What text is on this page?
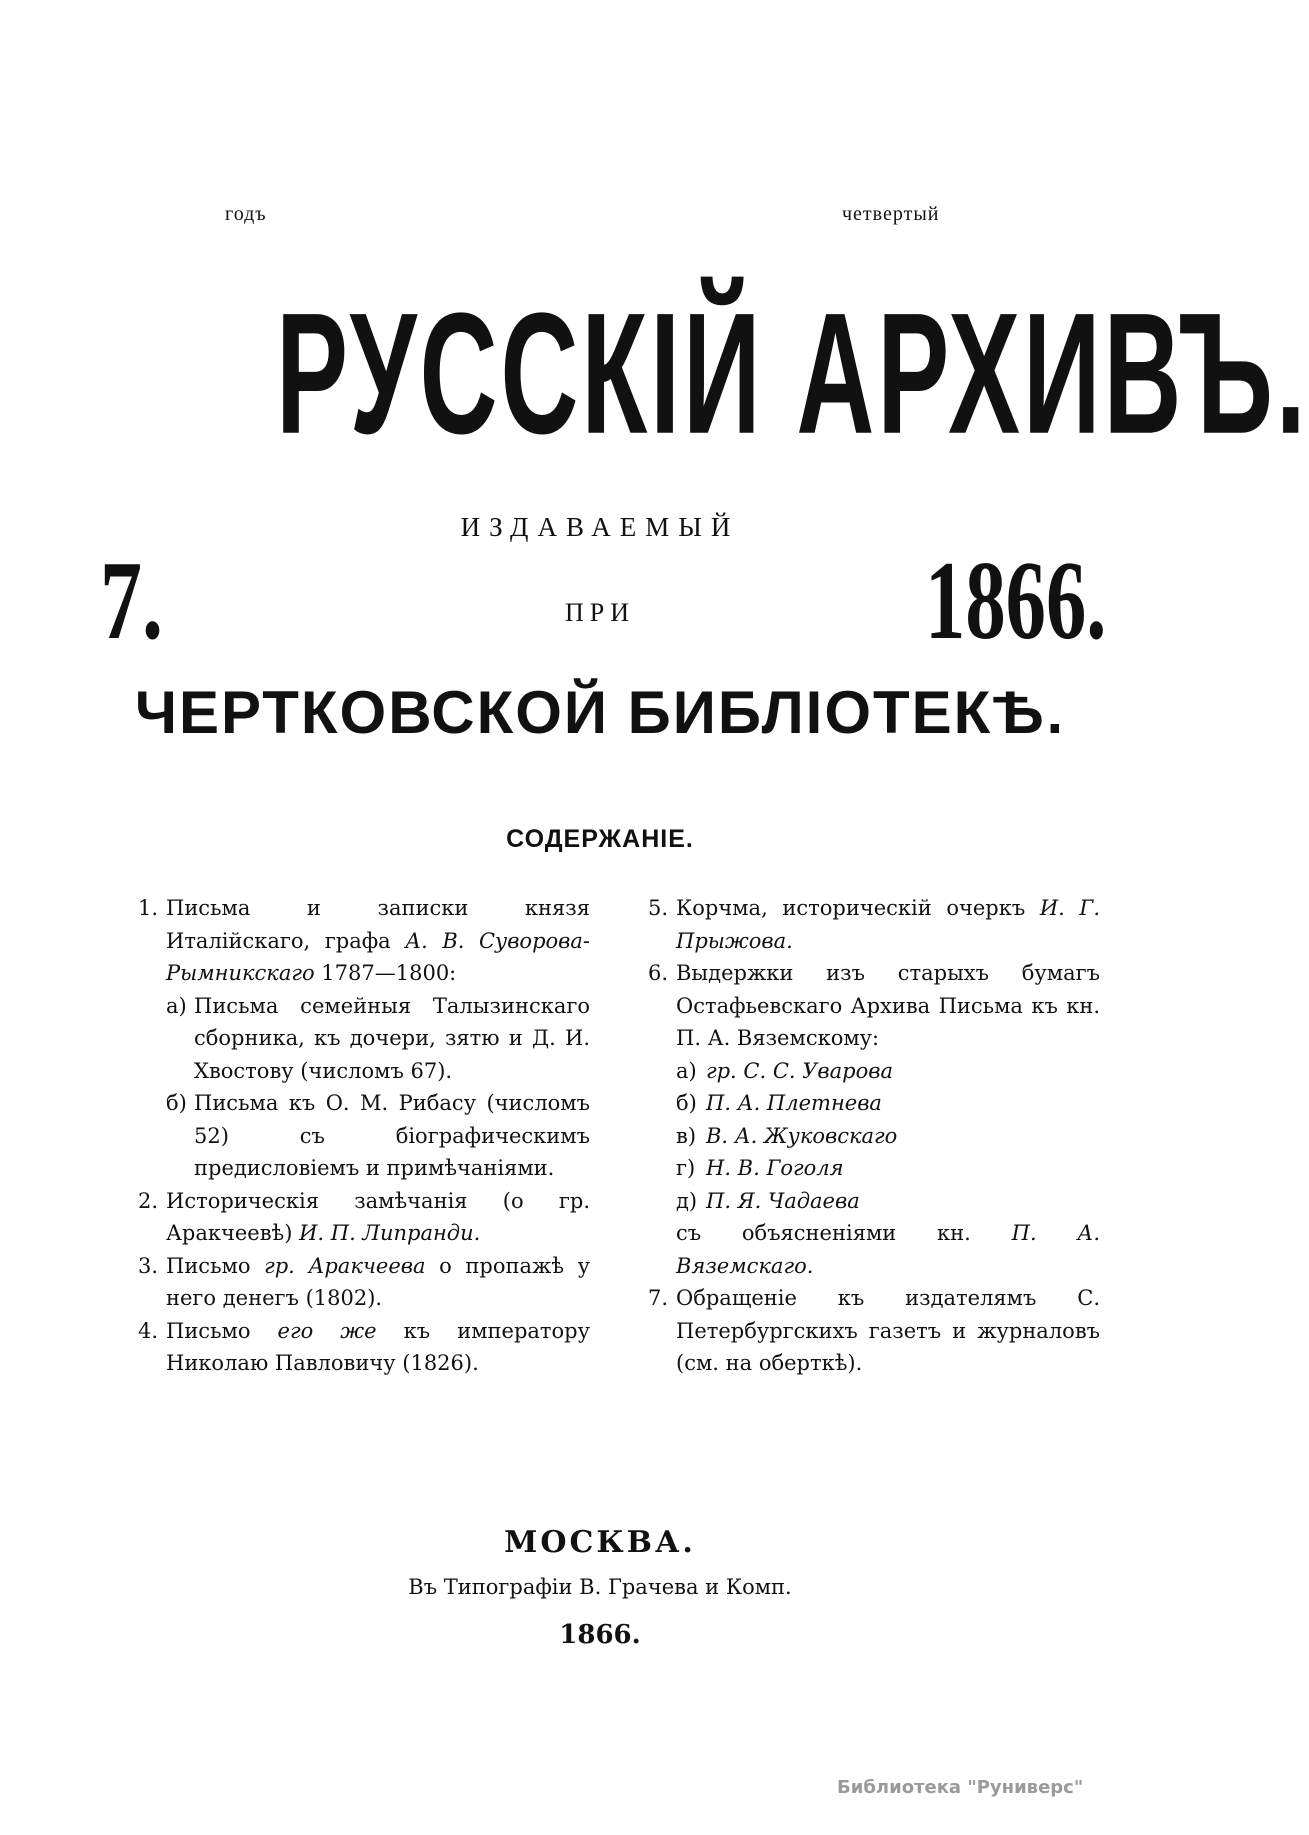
годъ	четвертый
РУССКІЙ АРХИВЪ.
ИЗДАВАЕМЫЙ
7.	ПРИ	1866.
ЧЕРТКОВСКОЙ БИБЛІОТЕКѢ.
СОДЕРЖАНІЕ.
1. Письма и записки князя Италійскаго, графа А. В. Суворова-Рымникскаго 1787—1800:
а) Письма семейныя Талызинскаго сборника, къ дочери, зятю и Д. И. Хвостову (числомъ 67).
б) Письма къ О. М. Рибасу (числомъ 52) съ біографическимъ предисловіемъ и примѣчаніями.
2. Историческія замѣчанія (о гр. Аракчеевѣ) И. П. Липранди.
3. Письмо гр. Аракчеева о пропажѣ у него денегъ (1802).
4. Письмо его же къ императору Николаю Павловичу (1826).
5. Корчма, историческій очеркъ И. Г. Прыжова.
6. Выдержки изъ старыхъ бумагъ Остафьевскаго Архива Письма къ кн. П. А. Вяземскому:
а) гр. С. С. Уварова
б) П. А. Плетнева
в) В. А. Жуковскаго
г) Н. В. Гоголя
д) П. Я. Чадаева
съ объясненіями кн. П. А. Вяземскаго.
7. Обращеніе къ издателямъ С. Петербургскихъ газетъ и журналовъ (см. на оберткѣ).
МОСКВА.
Въ Типографіи В. Грачева и Комп.
1866.
Библиотека "Руниверс"
